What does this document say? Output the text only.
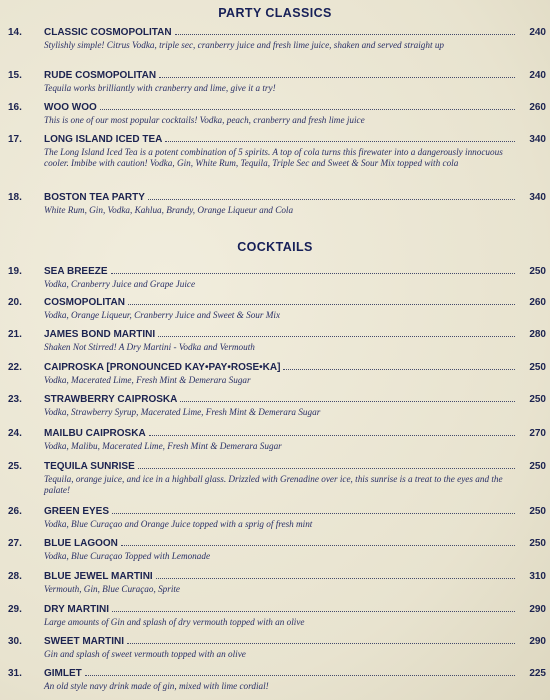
PARTY CLASSICS
14.	CLASSIC COSMOPOLITAN	240
Stylishly simple! Citrus Vodka, triple sec, cranberry juice and fresh lime juice, shaken and served straight up
15.	RUDE COSMOPOLITAN	240
Tequila works brilliantly with cranberry and lime, give it a try!
16.	WOO WOO	260
This is one of our most popular cocktails! Vodka, peach, cranberry and fresh lime juice
17.	LONG ISLAND ICED TEA	340
The Long Island Iced Tea is a potent combination of 5 spirits. A top of cola turns this firewater into a dangerously innocuous cooler. Imbibe with caution! Vodka, Gin, White Rum, Tequila, Triple Sec and Sweet & Sour Mix topped with cola
18.	BOSTON TEA PARTY	340
White Rum, Gin, Vodka, Kahlua, Brandy, Orange Liqueur and Cola
COCKTAILS
19.	SEA BREEZE	250
Vodka, Cranberry Juice and Grape Juice
20.	COSMOPOLITAN	260
Vodka, Orange Liqueur, Cranberry Juice and Sweet & Sour Mix
21.	JAMES BOND MARTINI	280
Shaken Not Stirred! A Dry Martini - Vodka and Vermouth
22.	CAIPROSKA [PRONOUNCED KAY•PAY•ROSE•KA]	250
Vodka, Macerated Lime, Fresh Mint & Demerara Sugar
23.	STRAWBERRY CAIPROSKA	250
Vodka, Strawberry Syrup, Macerated Lime, Fresh Mint & Demerara Sugar
24.	MAILBU CAIPROSKA	270
Vodka, Malibu, Macerated Lime, Fresh Mint & Demerara Sugar
25.	TEQUILA SUNRISE	250
Tequila, orange juice, and ice in a highball glass. Drizzled with Grenadine over ice, this sunrise is a treat to the eyes and the palate!
26.	GREEN EYES	250
Vodka, Blue Curaçao and Orange Juice topped with a sprig of fresh mint
27.	BLUE LAGOON	250
Vodka, Blue Curaçao Topped with Lemonade
28.	BLUE JEWEL MARTINI	310
Vermouth, Gin, Blue Curaçao, Sprite
29.	DRY MARTINI	290
Large amounts of Gin and splash of dry vermouth topped with an olive
30.	SWEET MARTINI	290
Gin and splash of sweet vermouth topped with an olive
31.	GIMLET	225
An old style navy drink made of gin, mixed with lime cordial!
